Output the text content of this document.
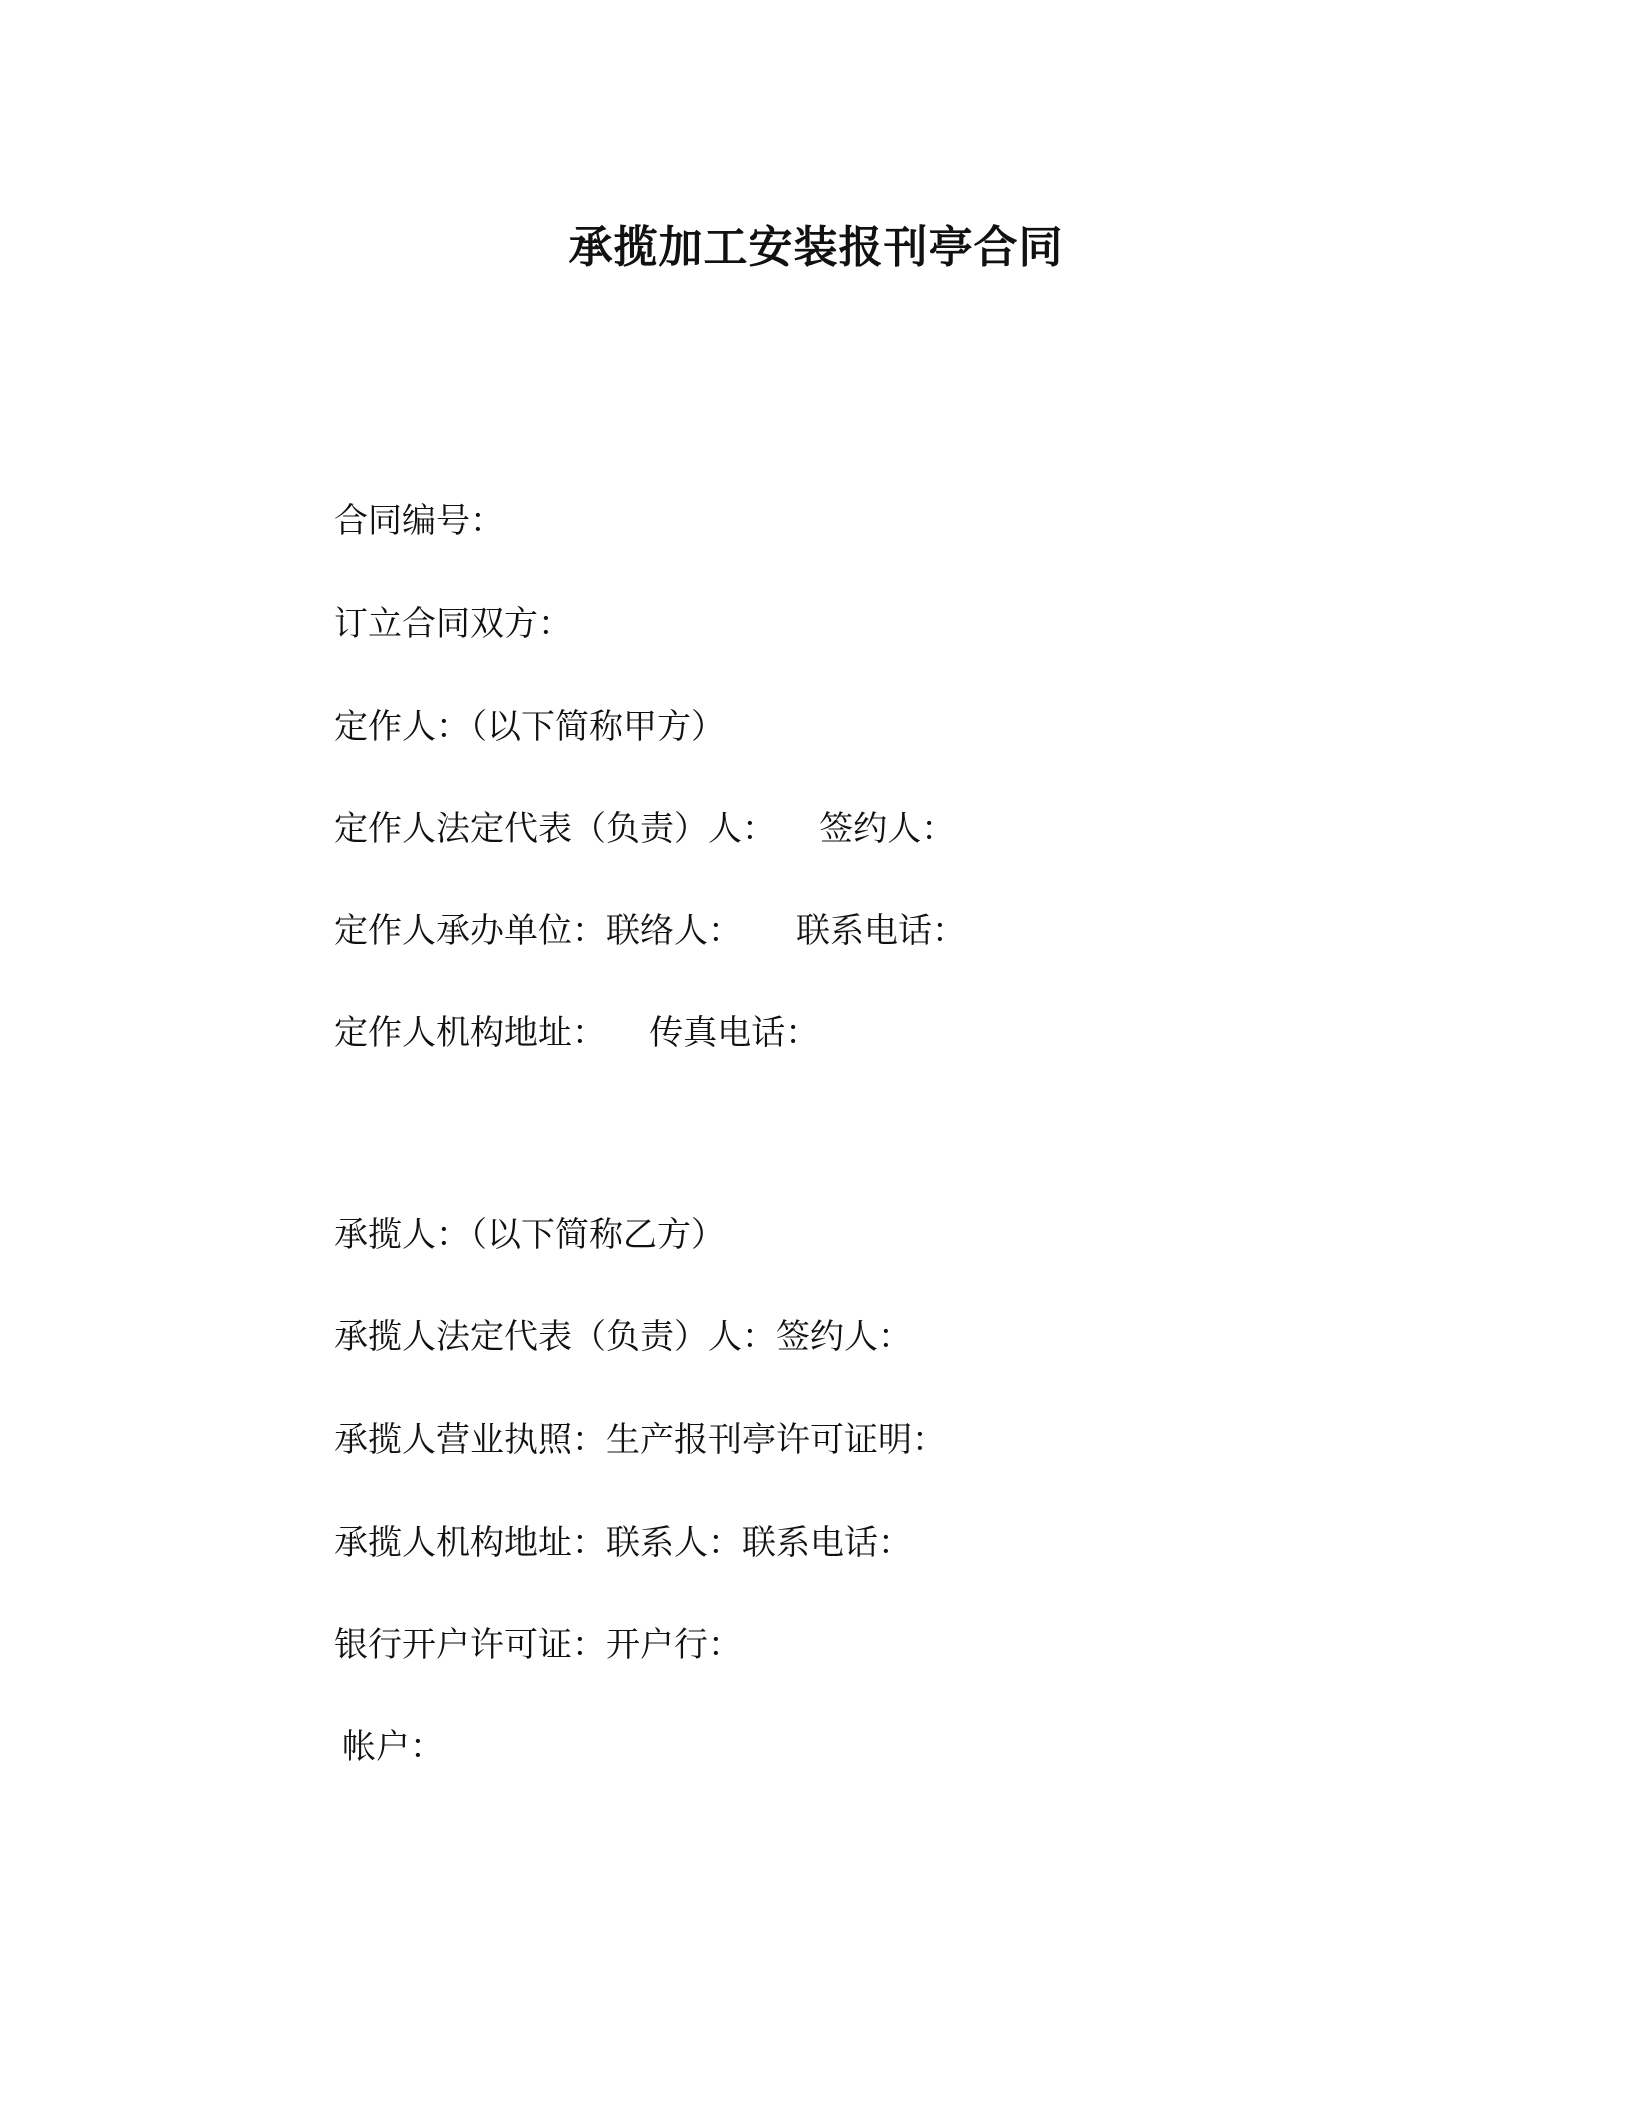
承揽加工安装报刊亭合同

合同编号：

订立合同双方：

定作人：（以下简称甲方）

定作人法定代表（负责）人：    签约人：

定作人承办单位：联络人：     联系电话：

定作人机构地址：    传真电话：

承揽人：（以下简称乙方）

承揽人法定代表（负责）人：签约人：

承揽人营业执照：生产报刊亭许可证明：

承揽人机构地址：联系人：联系电话：

银行开户许可证：开户行：

帐户：
